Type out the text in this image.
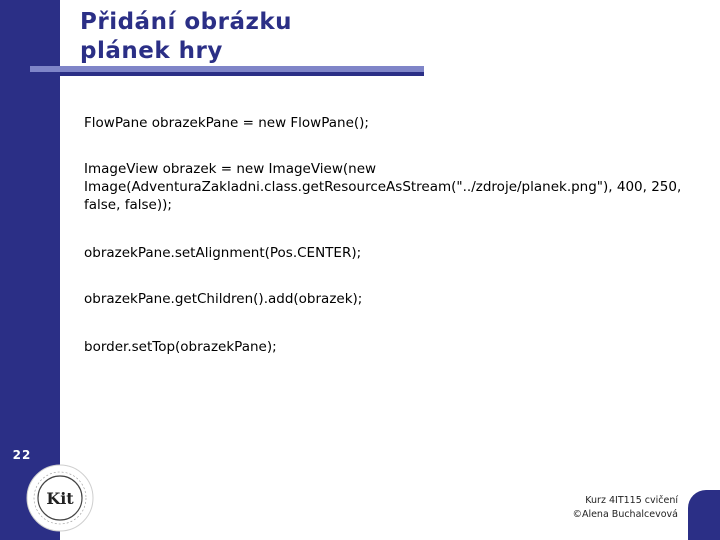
22
Přidání obrázku
plánek hry

FlowPane obrazekPane = new FlowPane();

ImageView obrazek = new ImageView(new Image(AdventuraZakladni.class.getResourceAsStream("../zdroje/planek.png"), 400, 250, false, false));

obrazekPane.setAlignment(Pos.CENTER);

obrazekPane.getChildren().add(obrazek);

border.setTop(obrazekPane);

Kit	Kurz 4IT115 cvičení
©Alena Buchalcevová
